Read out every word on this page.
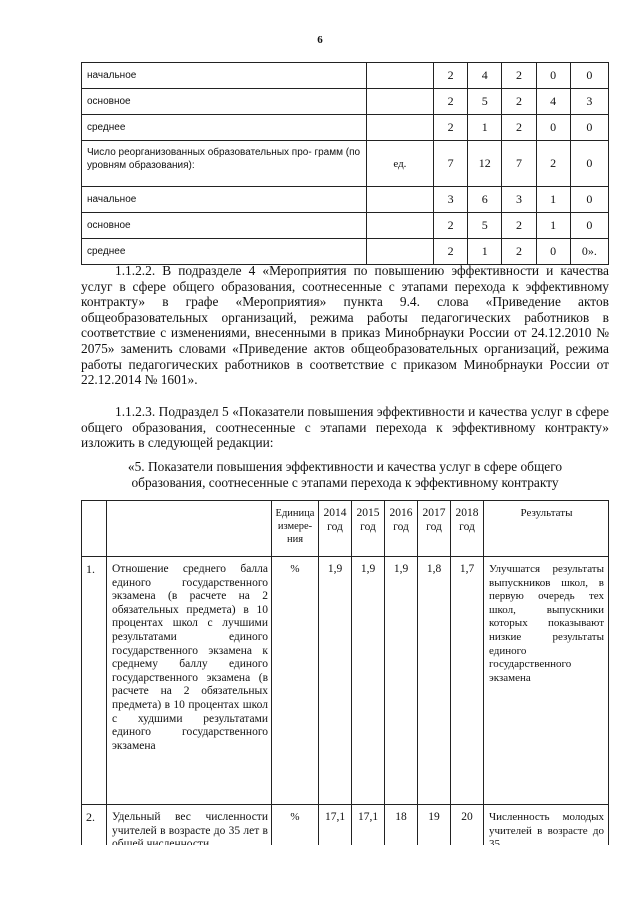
6
начальное		2	4	2	0	0
основное		2	5	2	4	3
среднее		2	1	2	0	0
Число реорганизованных образовательных про- грамм (по уровням образования):	ед.	7	12	7	2	0
начальное		3	6	3	1	0
основное		2	5	2	1	0
среднее		2	1	2	0	0».

1.1.2.2. В подразделе 4 «Мероприятия по повышению эффективности и качества услуг в сфере общего образования, соотнесенные с этапами перехода к эффективному контракту» в графе «Мероприятия» пункта 9.4. слова «Приведение актов общеобразовательных организаций, режима работы педагогических работников в соответствие с изменениями, внесенными в приказ Минобрнауки России от 24.12.2010 № 2075» заменить словами «Приведение актов общеобразовательных организаций, режима работы педагогических работников в соответствие с приказом Минобрнауки России от 22.12.2014 № 1601».

1.1.2.3. Подраздел 5 «Показатели повышения эффективности и качества услуг в сфере общего образования, соотнесенные с этапами перехода к эффективному контракту» изложить в следующей редакции:

«5. Показатели повышения эффективности и качества услуг в сфере общего образования, соотнесенные с этапами перехода к эффективному контракту

		Единица измере- ния	2014 год	2015 год	2016 год	2017 год	2018 год	Результаты
1.	Отношение среднего балла единого государственного экзамена (в расчете на 2 обязательных предмета) в 10 процентах школ с лучшими результатами единого государственного экзамена к среднему баллу единого государственного экзамена (в расчете на 2 обязательных предмета) в 10 процентах школ с худшими результатами единого государственного экзамена	%	1,9	1,9	1,9	1,8	1,7	Улучшатся результаты выпускников школ, в первую очередь тех школ, выпускники которых показывают низкие результаты единого государственного экзамена
2.	Удельный вес численности учителей в возрасте до 35 лет в	%	17,1	17,1	18	19	20	Численность молодых учителей в возрасте до
